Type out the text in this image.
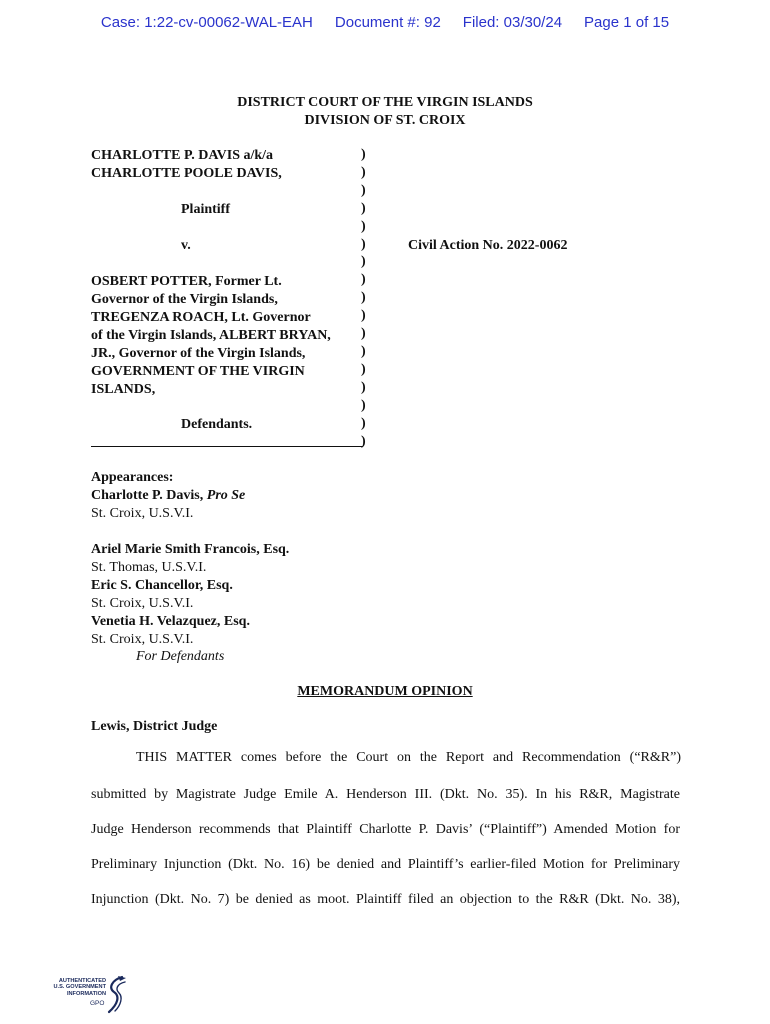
Case: 1:22-cv-00062-WAL-EAH Document #: 92 Filed: 03/30/24 Page 1 of 15
DISTRICT COURT OF THE VIRGIN ISLANDS
DIVISION OF ST. CROIX
CHARLOTTE P. DAVIS a/k/a
CHARLOTTE POOLE DAVIS,
Plaintiff
v.
OSBERT POTTER, Former Lt.
Governor of the Virgin Islands,
TREGENZA ROACH, Lt. Governor
of the Virgin Islands, ALBERT BRYAN,
JR., Governor of the Virgin Islands,
GOVERNMENT OF THE VIRGIN
ISLANDS,
Defendants.
)
)
)
)
)
)
)
)
)
)
)
)
)
)
)
)
)
Civil Action No. 2022-0062
Appearances:
Charlotte P. Davis, Pro Se
St. Croix, U.S.V.I.
Ariel Marie Smith Francois, Esq.
St. Thomas, U.S.V.I.
Eric S. Chancellor, Esq.
St. Croix, U.S.V.I.
Venetia H. Velazquez, Esq.
St. Croix, U.S.V.I.
For Defendants
MEMORANDUM OPINION
Lewis, District Judge
THIS MATTER comes before the Court on the Report and Recommendation (“R&R”)
submitted by Magistrate Judge Emile A. Henderson III. (Dkt. No. 35). In his R&R, Magistrate
Judge Henderson recommends that Plaintiff Charlotte P. Davis’ (“Plaintiff”) Amended Motion for
Preliminary Injunction (Dkt. No. 16) be denied and Plaintiff’s earlier-filed Motion for Preliminary
Injunction (Dkt. No. 7) be denied as moot. Plaintiff filed an objection to the R&R (Dkt. No. 38),
AUTHENTICATED
U.S. GOVERNMENT
INFORMATION
GPO
